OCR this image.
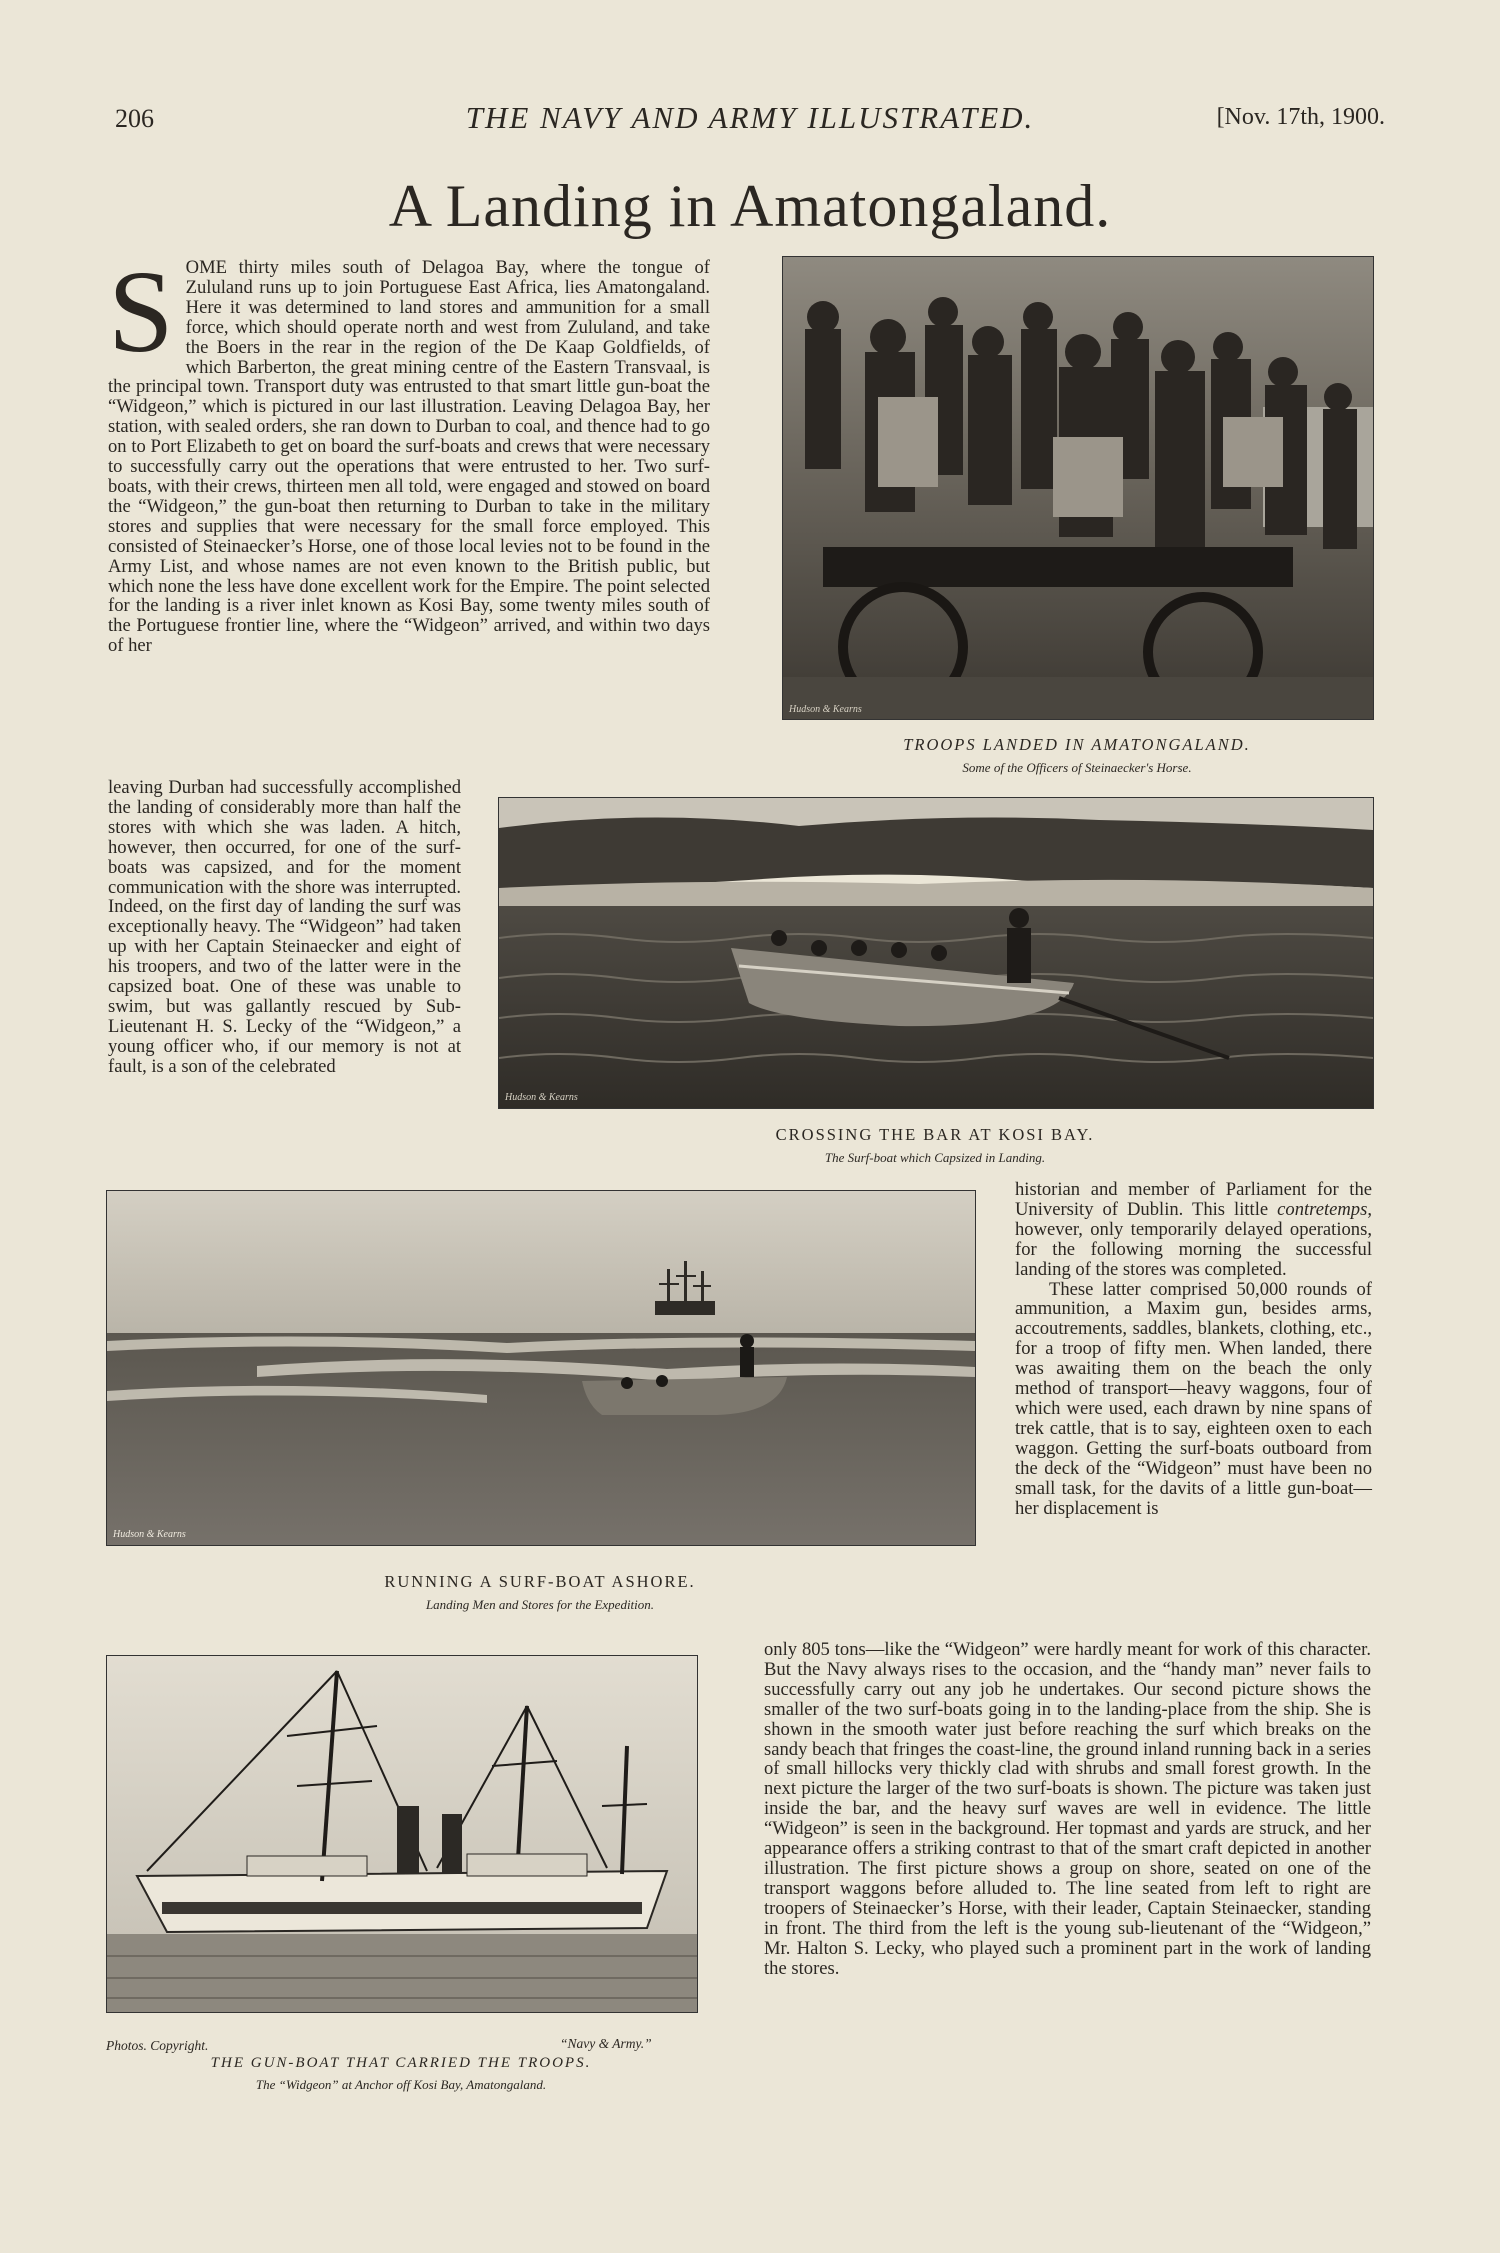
206	THE NAVY AND ARMY ILLUSTRATED.	[Nov. 17th, 1900.
A Landing in Amatongaland.

SOME thirty miles south of Delagoa Bay, where the tongue of Zululand runs up to join Portuguese East Africa, lies Amatongaland. Here it was determined to land stores and ammunition for a small force, which should operate north and west from Zululand, and take the Boers in the rear in the region of the De Kaap Goldfields, of which Barberton, the great mining centre of the Eastern Transvaal, is the principal town. Transport duty was entrusted to that smart little gun-boat the “Widgeon,” which is pictured in our last illustration. Leaving Delagoa Bay, her station, with sealed orders, she ran down to Durban to coal, and thence had to go on to Port Elizabeth to get on board the surf-boats and crews that were necessary to successfully carry out the operations that were entrusted to her. Two surf-boats, with their crews, thirteen men all told, were engaged and stowed on board the “Widgeon,” the gun-boat then returning to Durban to take in the military stores and supplies that were necessary for the small force employed. This consisted of Steinaecker’s Horse, one of those local levies not to be found in the Army List, and whose names are not even known to the British public, but which none the less have done excellent work for the Empire. The point selected for the landing is a river inlet known as Kosi Bay, some twenty miles south of the Portuguese frontier line, where the “Widgeon” arrived, and within two days of her

leaving Durban had successfully accomplished the landing of considerably more than half the stores with which she was laden. A hitch, however, then occurred, for one of the surf-boats was capsized, and for the moment communication with the shore was interrupted. Indeed, on the first day of landing the surf was exceptionally heavy. The “Widgeon” had taken up with her Captain Steinaecker and eight of his troopers, and two of the latter were in the capsized boat. One of these was unable to swim, but was gallantly rescued by Sub-Lieutenant H. S. Lecky of the “Widgeon,” a young officer who, if our memory is not at fault, is a son of the celebrated

historian and member of Parliament for the University of Dublin. This little contretemps, however, only temporarily delayed operations, for the following morning the successful landing of the stores was completed.

These latter comprised 50,000 rounds of ammunition, a Maxim gun, besides arms, accoutrements, saddles, blankets, clothing, etc., for a troop of fifty men. When landed, there was awaiting them on the beach the only method of transport—heavy waggons, four of which were used, each drawn by nine spans of trek cattle, that is to say, eighteen oxen to each waggon. Getting the surf-boats outboard from the deck of the “Widgeon” must have been no small task, for the davits of a little gun-boat—her displacement is

only 805 tons—like the “Widgeon” were hardly meant for work of this character. But the Navy always rises to the occasion, and the “handy man” never fails to successfully carry out any job he undertakes. Our second picture shows the smaller of the two surf-boats going in to the landing-place from the ship. She is shown in the smooth water just before reaching the surf which breaks on the sandy beach that fringes the coast-line, the ground inland running back in a series of small hillocks very thickly clad with shrubs and small forest growth. In the next picture the larger of the two surf-boats is shown. The picture was taken just inside the bar, and the heavy surf waves are well in evidence. The little “Widgeon” is seen in the background. Her topmast and yards are struck, and her appearance offers a striking contrast to that of the smart craft depicted in another illustration. The first picture shows a group on shore, seated on one of the transport waggons before alluded to. The line seated from left to right are troopers of Steinaecker’s Horse, with their leader, Captain Steinaecker, standing in front. The third from the left is the young sub-lieutenant of the “Widgeon,” Mr. Halton S. Lecky, who played such a prominent part in the work of landing the stores.

Hudson & Kearns
TROOPS LANDED IN AMATONGALAND.
Some of the Officers of Steinaecker's Horse.
Hudson & Kearns
CROSSING THE BAR AT KOSI BAY.
The Surf-boat which Capsized in Landing.
Hudson & Kearns
RUNNING A SURF-BOAT ASHORE.
Landing Men and Stores for the Expedition.
Photos. Copyright.	“Navy & Army.”
THE GUN-BOAT THAT CARRIED THE TROOPS.
The “Widgeon” at Anchor off Kosi Bay, Amatongaland.
